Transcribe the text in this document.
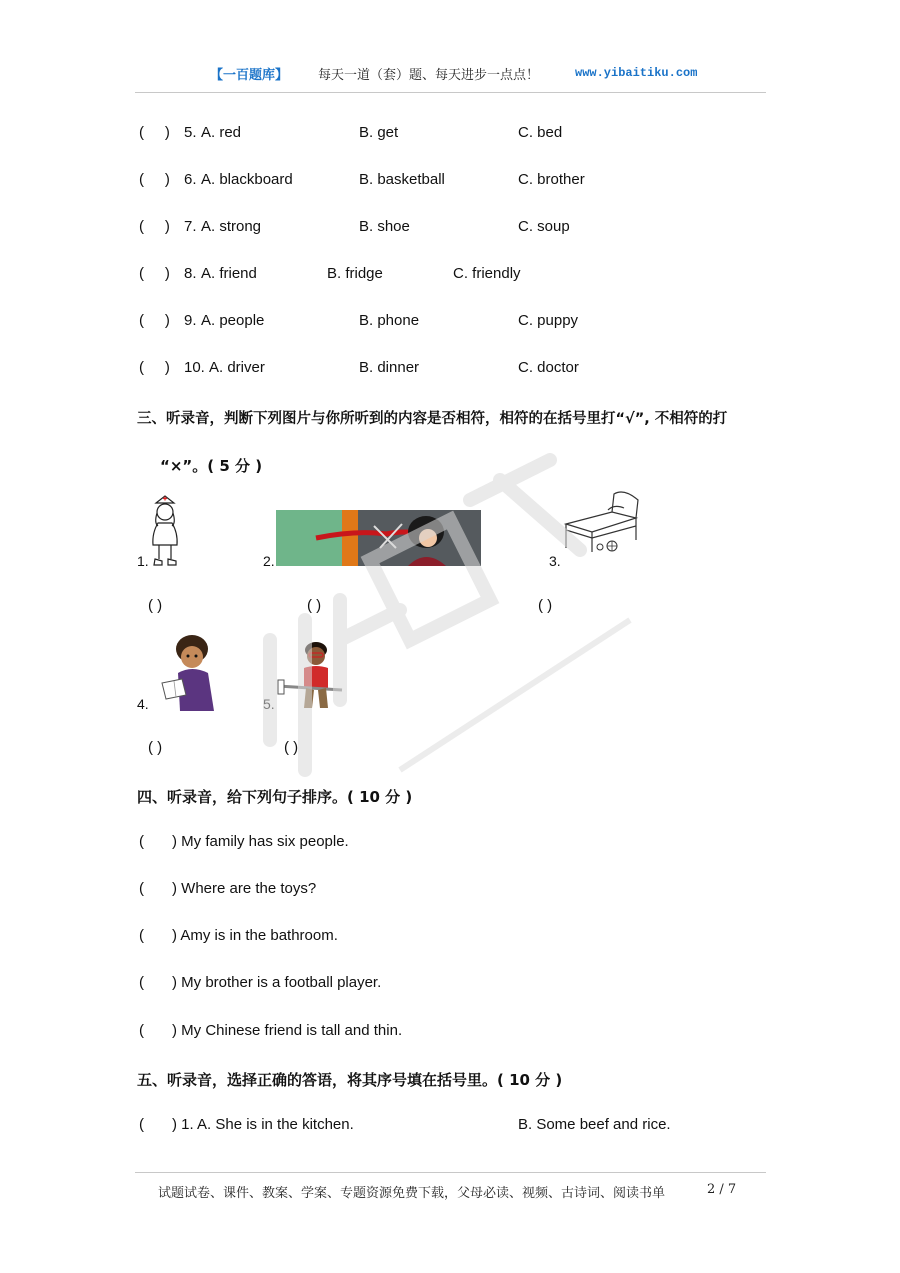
【一百题库】 每天一道（套）题、每天进步一点点！	www.yibaitiku.com
(     ) 5. A. red	B. get	C. bed
(     ) 6. A. blackboard	B. basketball	C. brother
(     ) 7. A. strong	B. shoe	C. soup
(     ) 8. A. friend	B. fridge	C. friendly
(     ) 9. A. people	B. phone	C. puppy
(     ) 10. A. driver	B. dinner	C. doctor
三、听录音，判断下列图片与你所听到的内容是否相符，相符的在括号里打“√”, 不相符的打
“×”。( 5 分 )
1.	2.	3.
( )	( )	( )
4.	5.
( )	( )
四、听录音，给下列句子排序。( 10 分 )
( ) My family has six people.
( ) Where are the toys?
( ) Amy is in the bathroom.
( ) My brother is a football player.
( ) My Chinese friend is tall and thin.
五、听录音，选择正确的答语，将其序号填在括号里。( 10 分 )
( ) 1. A. She is in the kitchen.	B. Some beef and rice.
试题试卷、课件、教案、学案、专题资源免费下载，父母必读、视频、古诗词、阅读书单	2 / 7
